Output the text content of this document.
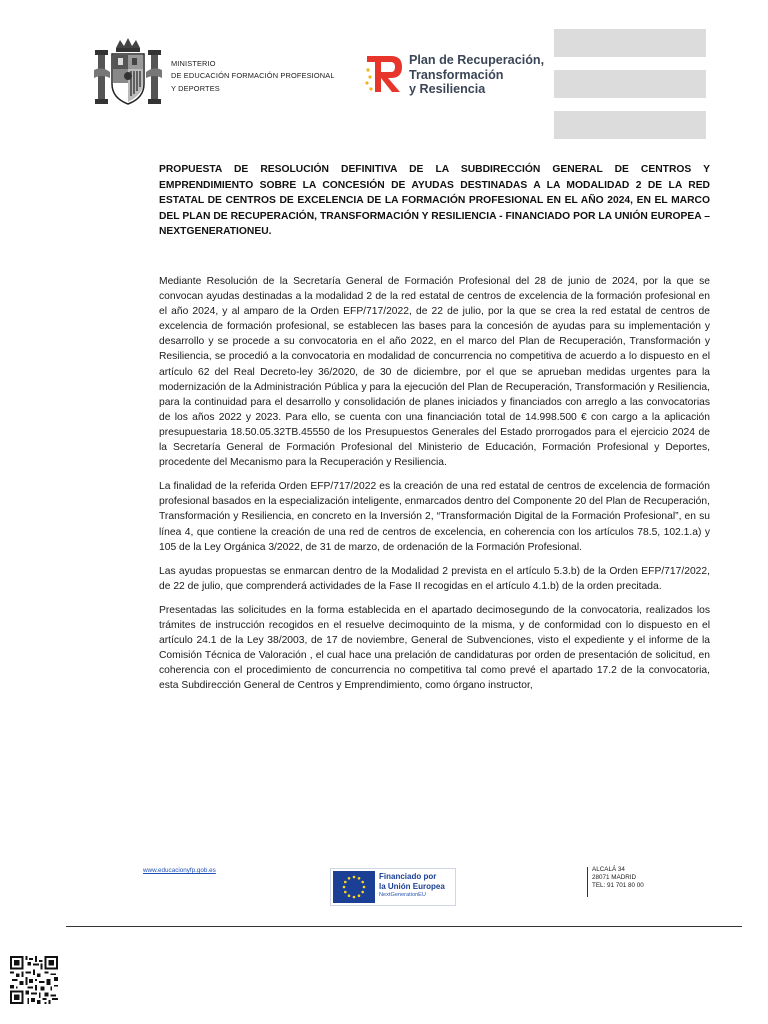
MINISTERIO
DE EDUCACIÓN FORMACIÓN PROFESIONAL
Y DEPORTES
Plan de Recuperación,
Transformación
y Resiliencia
PROPUESTA DE RESOLUCIÓN DEFINITIVA DE LA SUBDIRECCIÓN GENERAL DE CENTROS Y EMPRENDIMIENTO SOBRE LA CONCESIÓN DE AYUDAS DESTINADAS A LA MODALIDAD 2 DE LA RED ESTATAL DE CENTROS DE EXCELENCIA DE LA FORMACIÓN PROFESIONAL EN EL AÑO 2024, EN EL MARCO DEL PLAN DE RECUPERACIÓN, TRANSFORMACIÓN Y RESILIENCIA - FINANCIADO POR LA UNIÓN EUROPEA – NEXTGENERATIONEU.

Mediante Resolución de la Secretaría General de Formación Profesional del 28 de junio de 2024, por la que se convocan ayudas destinadas a la modalidad 2 de la red estatal de centros de excelencia de la formación profesional en el año 2024, y al amparo de la Orden EFP/717/2022, de 22 de julio, por la que se crea la red estatal de centros de excelencia de formación profesional, se establecen las bases para la concesión de ayudas para su implementación y desarrollo y se procede a su convocatoria en el año 2022, en el marco del Plan de Recuperación, Transformación y Resiliencia, se procedió a la convocatoria en modalidad de concurrencia no competitiva de acuerdo a lo dispuesto en el artículo 62 del Real Decreto-ley 36/2020, de 30 de diciembre, por el que se aprueban medidas urgentes para la modernización de la Administración Pública y para la ejecución del Plan de Recuperación, Transformación y Resiliencia, para la continuidad para el desarrollo y consolidación de planes iniciados y financiados con arreglo a las convocatorias de los años 2022 y 2023. Para ello, se cuenta con una financiación total de 14.998.500 € con cargo a la aplicación presupuestaria 18.50.05.32TB.45550 de los Presupuestos Generales del Estado prorrogados para el ejercicio 2024 de la Secretaría General de Formación Profesional del Ministerio de Educación, Formación Profesional y Deportes, procedente del Mecanismo para la Recuperación y Resiliencia.

La finalidad de la referida Orden EFP/717/2022 es la creación de una red estatal de centros de excelencia de formación profesional basados en la especialización inteligente, enmarcados dentro del Componente 20 del Plan de Recuperación, Transformación y Resiliencia, en concreto en la Inversión 2, “Transformación Digital de la Formación Profesional”, en su línea 4, que contiene la creación de una red de centros de excelencia, en coherencia con los artículos 78.5, 102.1.a) y 105 de la Ley Orgánica 3/2022, de 31 de marzo, de ordenación de la Formación Profesional.

Las ayudas propuestas se enmarcan dentro de la Modalidad 2 prevista en el artículo 5.3.b) de la Orden EFP/717/2022, de 22 de julio, que comprenderá actividades de la Fase II recogidas en el artículo 4.1.b) de la orden precitada.

Presentadas las solicitudes en la forma establecida en el apartado decimosegundo de la convocatoria, realizados los trámites de instrucción recogidos en el resuelve decimoquinto de la misma, y de conformidad con lo dispuesto en el artículo 24.1 de la Ley 38/2003, de 17 de noviembre, General de Subvenciones, visto el expediente y el informe de la Comisión Técnica de Valoración , el cual hace una prelación de candidaturas por orden de presentación de solicitud, en coherencia con el procedimiento de concurrencia no competitiva tal como prevé el apartado 17.2 de la convocatoria, esta Subdirección General de Centros y Emprendimiento, como órgano instructor,

www.educacionyfp.gob.es
Financiado por
la Unión Europea
NextGenerationEU
ALCALÁ 34
28071 MADRID
TEL: 91 701 80 00
